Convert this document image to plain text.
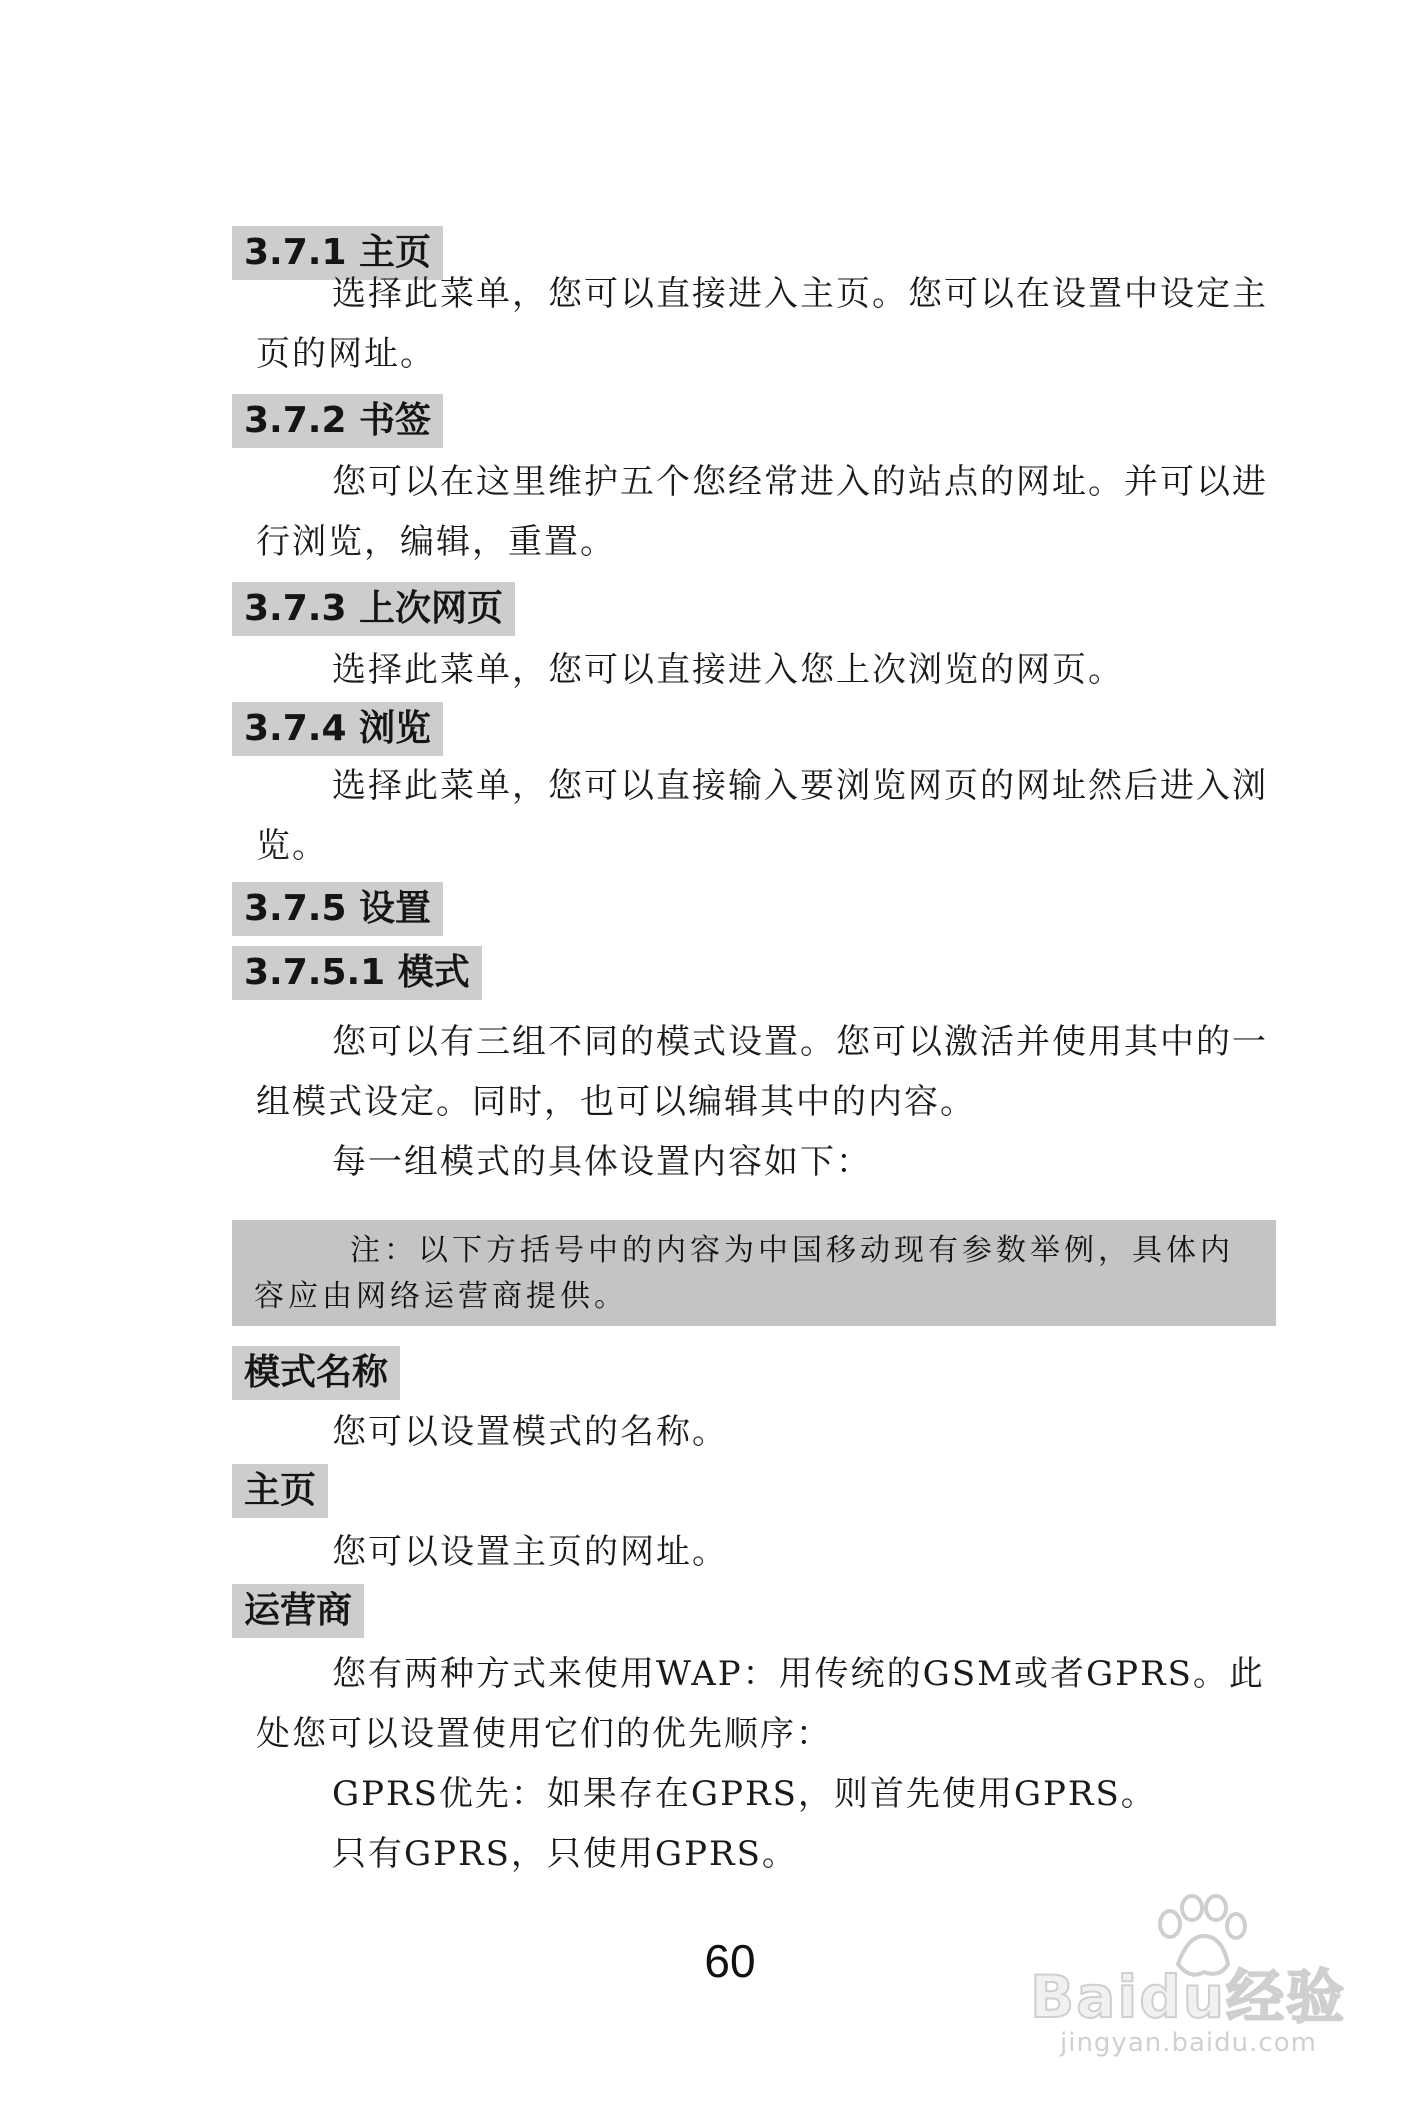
3.7.1 主页

选择此菜单，您可以直接进入主页。您可以在设置中设定主页的网址。

3.7.2 书签

您可以在这里维护五个您经常进入的站点的网址。并可以进行浏览，编辑，重置。

3.7.3 上次网页

选择此菜单，您可以直接进入您上次浏览的网页。

3.7.4 浏览

选择此菜单，您可以直接输入要浏览网页的网址然后进入浏览。

3.7.5 设置
3.7.5.1 模式

您可以有三组不同的模式设置。您可以激活并使用其中的一组模式设定。同时，也可以编辑其中的内容。

每一组模式的具体设置内容如下：

注：以下方括号中的内容为中国移动现有参数举例，具体内容应由网络运营商提供。
模式名称

您可以设置模式的名称。

主页

您可以设置主页的网址。

运营商

您有两种方式来使用WAP：用传统的GSM或者GPRS。此处您可以设置使用它们的优先顺序：

GPRS优先：如果存在GPRS，则首先使用GPRS。

只有GPRS，只使用GPRS。

60
Baidu经验
jingyan.baidu.com
